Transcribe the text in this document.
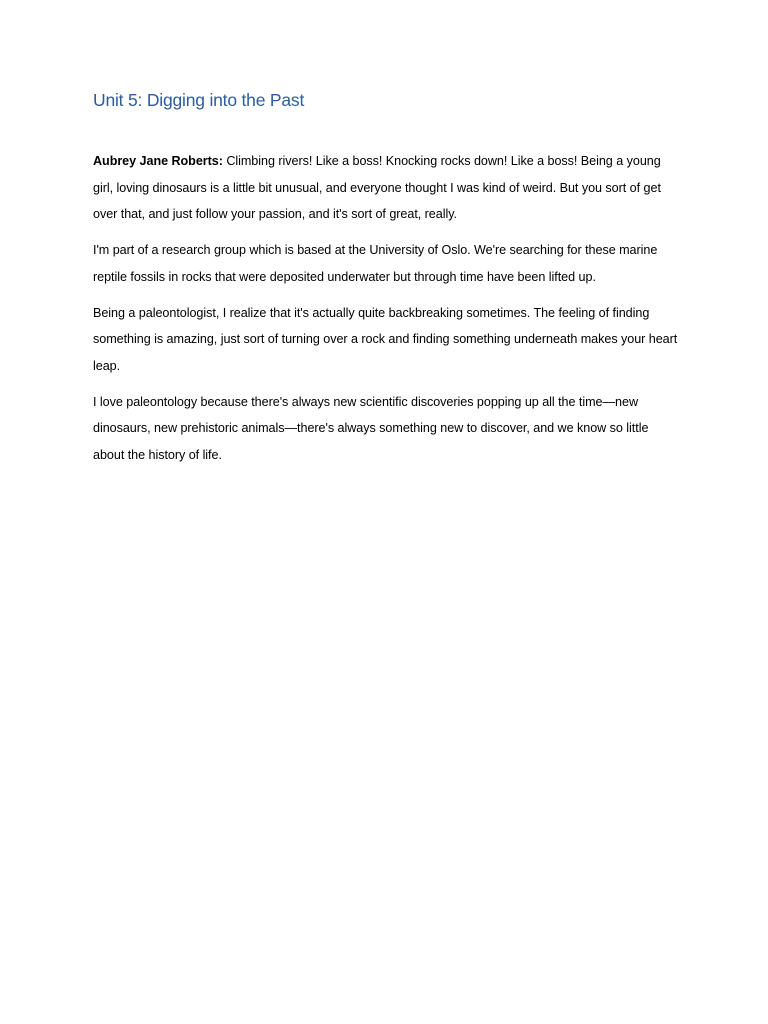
Unit 5: Digging into the Past

Aubrey Jane Roberts: Climbing rivers! Like a boss! Knocking rocks down! Like a boss! Being a young girl, loving dinosaurs is a little bit unusual, and everyone thought I was kind of weird. But you sort of get over that, and just follow your passion, and it's sort of great, really.

I'm part of a research group which is based at the University of Oslo. We're searching for these marine reptile fossils in rocks that were deposited underwater but through time have been lifted up.

Being a paleontologist, I realize that it's actually quite backbreaking sometimes. The feeling of finding something is amazing, just sort of turning over a rock and finding something underneath makes your heart leap.

I love paleontology because there's always new scientific discoveries popping up all the time—new dinosaurs, new prehistoric animals—there's always something new to discover, and we know so little about the history of life.
